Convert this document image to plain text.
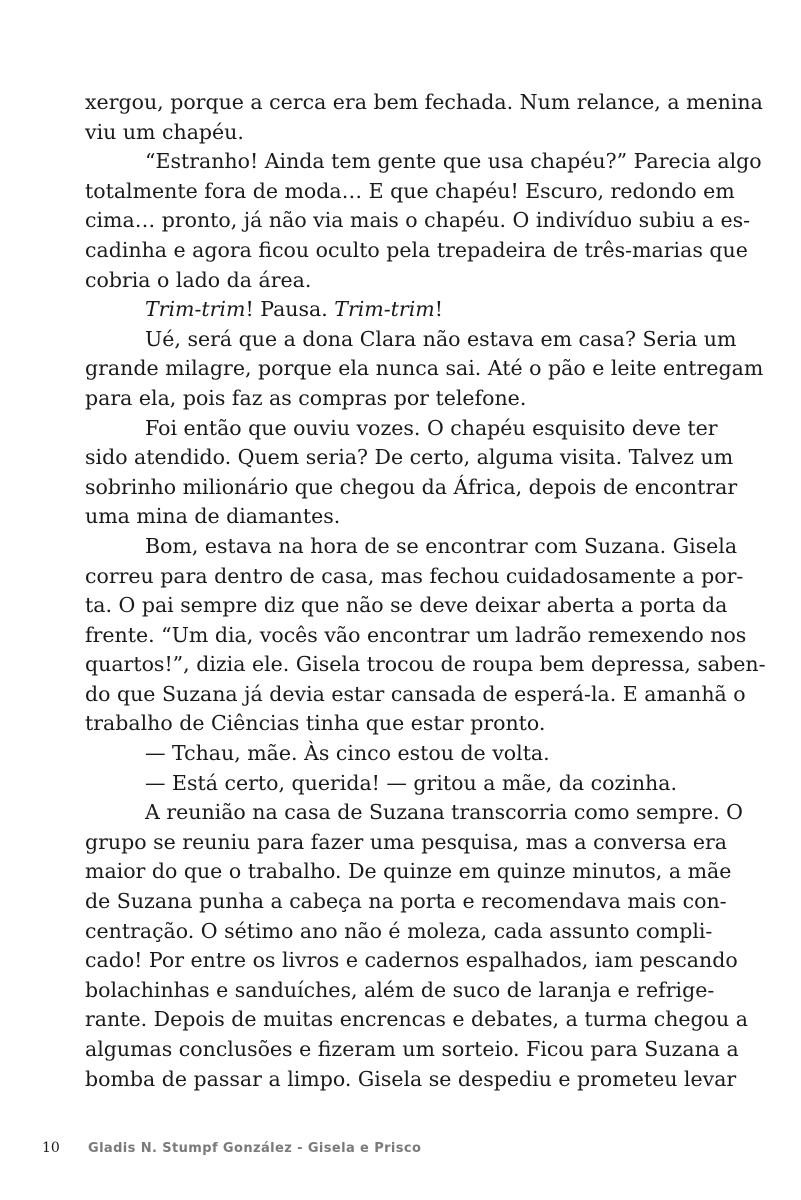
xergou, porque a cerca era bem fechada. Num relance, a menina
viu um chapéu.
“Estranho! Ainda tem gente que usa chapéu?” Parecia algo
totalmente fora de moda… E que chapéu! Escuro, redondo em
cima… pronto, já não via mais o chapéu. O indivíduo subiu a es-
cadinha e agora ficou oculto pela trepadeira de três-marias que
cobria o lado da área.
Trim-trim! Pausa. Trim-trim!
Ué, será que a dona Clara não estava em casa? Seria um
grande milagre, porque ela nunca sai. Até o pão e leite entregam
para ela, pois faz as compras por telefone.
Foi então que ouviu vozes. O chapéu esquisito deve ter
sido atendido. Quem seria? De certo, alguma visita. Talvez um
sobrinho milionário que chegou da África, depois de encontrar
uma mina de diamantes.
Bom, estava na hora de se encontrar com Suzana. Gisela
correu para dentro de casa, mas fechou cuidadosamente a por-
ta. O pai sempre diz que não se deve deixar aberta a porta da
frente. “Um dia, vocês vão encontrar um ladrão remexendo nos
quartos!”, dizia ele. Gisela trocou de roupa bem depressa, saben-
do que Suzana já devia estar cansada de esperá-la. E amanhã o
trabalho de Ciências tinha que estar pronto.
— Tchau, mãe. Às cinco estou de volta.
— Está certo, querida! — gritou a mãe, da cozinha.
A reunião na casa de Suzana transcorria como sempre. O
grupo se reuniu para fazer uma pesquisa, mas a conversa era
maior do que o trabalho. De quinze em quinze minutos, a mãe
de Suzana punha a cabeça na porta e recomendava mais con-
centração. O sétimo ano não é moleza, cada assunto compli-
cado! Por entre os livros e cadernos espalhados, iam pescando
bolachinhas e sanduíches, além de suco de laranja e refrige-
rante. Depois de muitas encrencas e debates, a turma chegou a
algumas conclusões e fizeram um sorteio. Ficou para Suzana a
bomba de passar a limpo. Gisela se despediu e prometeu levar
10 Gladis N. Stumpf González - Gisela e Prisco
